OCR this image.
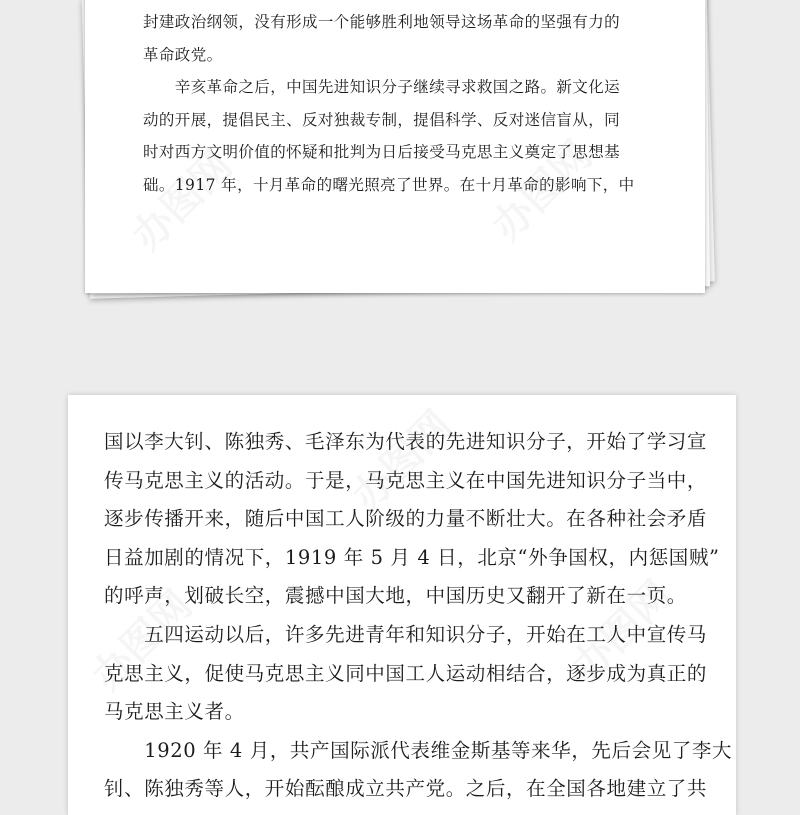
封建政治纲领，没有形成一个能够胜利地领导这场革命的坚强有力的

革命政党。

　　辛亥革命之后，中国先进知识分子继续寻求救国之路。新文化运

动的开展，提倡民主、反对独裁专制，提倡科学、反对迷信盲从，同

时对西方文明价值的怀疑和批判为日后接受马克思主义奠定了思想基

础。1917 年，十月革命的曙光照亮了世界。在十月革命的影响下，中

国以李大钊、陈独秀、毛泽东为代表的先进知识分子，开始了学习宣

传马克思主义的活动。于是，马克思主义在中国先进知识分子当中，

逐步传播开来，随后中国工人阶级的力量不断壮大。在各种社会矛盾

日益加剧的情况下，1919 年 5 月 4 日，北京“外争国权，内惩国贼”

的呼声，划破长空，震撼中国大地，中国历史又翻开了新在一页。

　　五四运动以后，许多先进青年和知识分子，开始在工人中宣传马

克思主义，促使马克思主义同中国工人运动相结合，逐步成为真正的

马克思主义者。

　　1920 年 4 月，共产国际派代表维金斯基等来华，先后会见了李大

钊、陈独秀等人，开始酝酿成立共产党。之后，在全国各地建立了共
